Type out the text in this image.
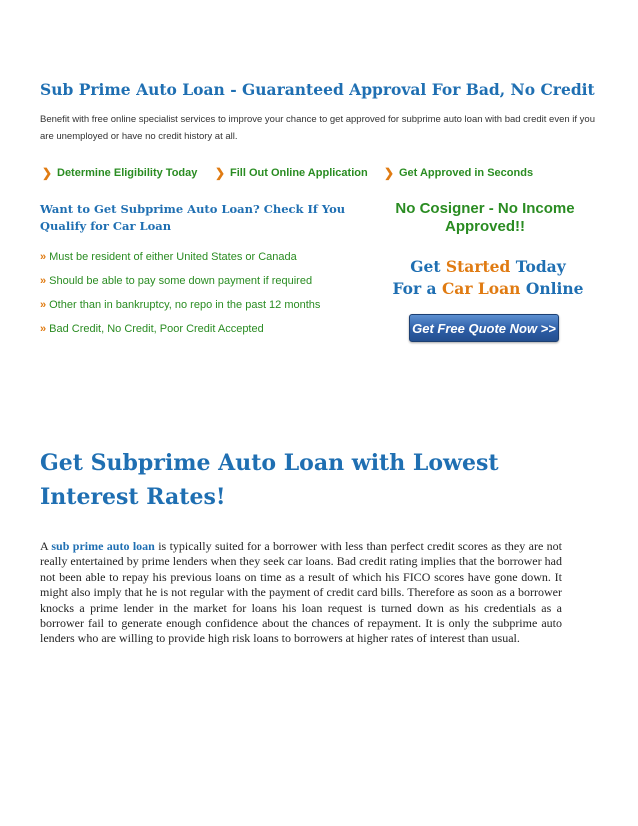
Sub Prime Auto Loan - Guaranteed Approval For Bad, No Credit
Benefit with free online specialist services to improve your chance to get approved for subprime auto loan with bad credit even if you are unemployed or have no credit history at all.
❯ Determine Eligibility Today ❯ Fill Out Online Application ❯ Get Approved in Seconds
Want to Get Subprime Auto Loan? Check If You Qualify for Car Loan
» Must be resident of either United States or Canada
» Should be able to pay some down payment if required
» Other than in bankruptcy, no repo in the past 12 months
» Bad Credit, No Credit, Poor Credit Accepted
No Cosigner - No Income
Approved!!
Get Started Today
For a Car Loan Online
Get Free Quote Now >>
Get Subprime Auto Loan with Lowest Interest Rates!

A sub prime auto loan is typically suited for a borrower with less than perfect credit scores as they are not really entertained by prime lenders when they seek car loans. Bad credit rating implies that the borrower had not been able to repay his previous loans on time as a result of which his FICO scores have gone down. It might also imply that he is not regular with the payment of credit card bills. Therefore as soon as a borrower knocks a prime lender in the market for loans his loan request is turned down as his credentials as a borrower fail to generate enough confidence about the chances of repayment. It is only the subprime auto lenders who are willing to provide high risk loans to borrowers at higher rates of interest than usual.
